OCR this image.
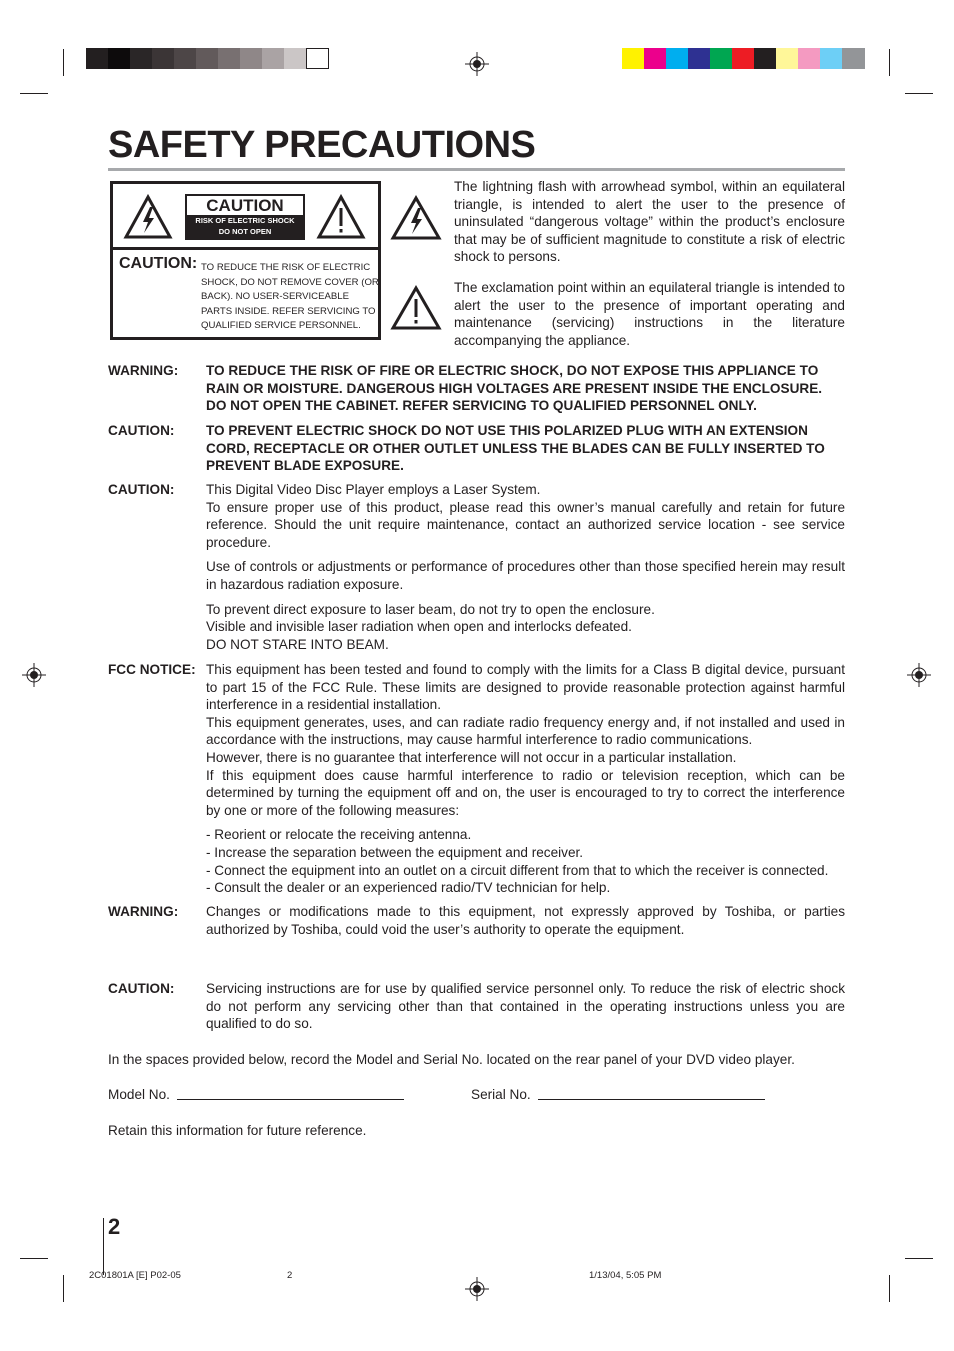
SAFETY PRECAUTIONS
CAUTION
RISK OF ELECTRIC SHOCK
DO NOT OPEN
CAUTION: TO REDUCE THE RISK OF ELECTRIC SHOCK, DO NOT REMOVE COVER (OR BACK). NO USER-SERVICEABLE PARTS INSIDE. REFER SERVICING TO QUALIFIED SERVICE PERSONNEL.
The lightning flash with arrowhead symbol, within an equilateral triangle, is intended to alert the user to the presence of uninsulated “dangerous voltage” within the product’s enclosure that may be of sufficient magnitude to constitute a risk of electric shock to persons.
The exclamation point within an equilateral triangle is intended to alert the user to the presence of important operating and maintenance (servicing) instructions in the literature accompanying the appliance.
WARNING: TO REDUCE THE RISK OF FIRE OR ELECTRIC SHOCK, DO NOT EXPOSE THIS APPLIANCE TO RAIN OR MOISTURE. DANGEROUS HIGH VOLTAGES ARE PRESENT INSIDE THE ENCLOSURE. DO NOT OPEN THE CABINET. REFER SERVICING TO QUALIFIED PERSONNEL ONLY.
CAUTION: TO PREVENT ELECTRIC SHOCK DO NOT USE THIS POLARIZED PLUG WITH AN EXTENSION CORD, RECEPTACLE OR OTHER OUTLET UNLESS THE BLADES CAN BE FULLY INSERTED TO PREVENT BLADE EXPOSURE.
CAUTION: This Digital Video Disc Player employs a Laser System.

To ensure proper use of this product, please read this owner’s manual carefully and retain for future reference. Should the unit require maintenance, contact an authorized service location - see service procedure.

Use of controls or adjustments or performance of procedures other than those specified herein may result in hazardous radiation exposure.

To prevent direct exposure to laser beam, do not try to open the enclosure.

Visible and invisible laser radiation when open and interlocks defeated.

DO NOT STARE INTO BEAM.

FCC NOTICE: This equipment has been tested and found to comply with the limits for a Class B digital device, pursuant to part 15 of the FCC Rule. These limits are designed to provide reasonable protection against harmful interference in a residential installation.

This equipment generates, uses, and can radiate radio frequency energy and, if not installed and used in accordance with the instructions, may cause harmful interference to radio communications.

However, there is no guarantee that interference will not occur in a particular installation.

If this equipment does cause harmful interference to radio or television reception, which can be determined by turning the equipment off and on, the user is encouraged to try to correct the interference by one or more of the following measures:

- Reorient or relocate the receiving antenna.

- Increase the separation between the equipment and receiver.

- Connect the equipment into an outlet on a circuit different from that to which the receiver is connected.

- Consult the dealer or an experienced radio/TV technician for help.

WARNING: Changes or modifications made to this equipment, not expressly approved by Toshiba, or parties authorized by Toshiba, could void the user’s authority to operate the equipment.
CAUTION: Servicing instructions are for use by qualified service personnel only. To reduce the risk of electric shock do not perform any servicing other than that contained in the operating instructions unless you are qualified to do so.
In the spaces provided below, record the Model and Serial No. located on the rear panel of your DVD video player.
Model No.	Serial No.
Retain this information for future reference.
2
2C01801A [E] P02-05	2	1/13/04, 5:05 PM
